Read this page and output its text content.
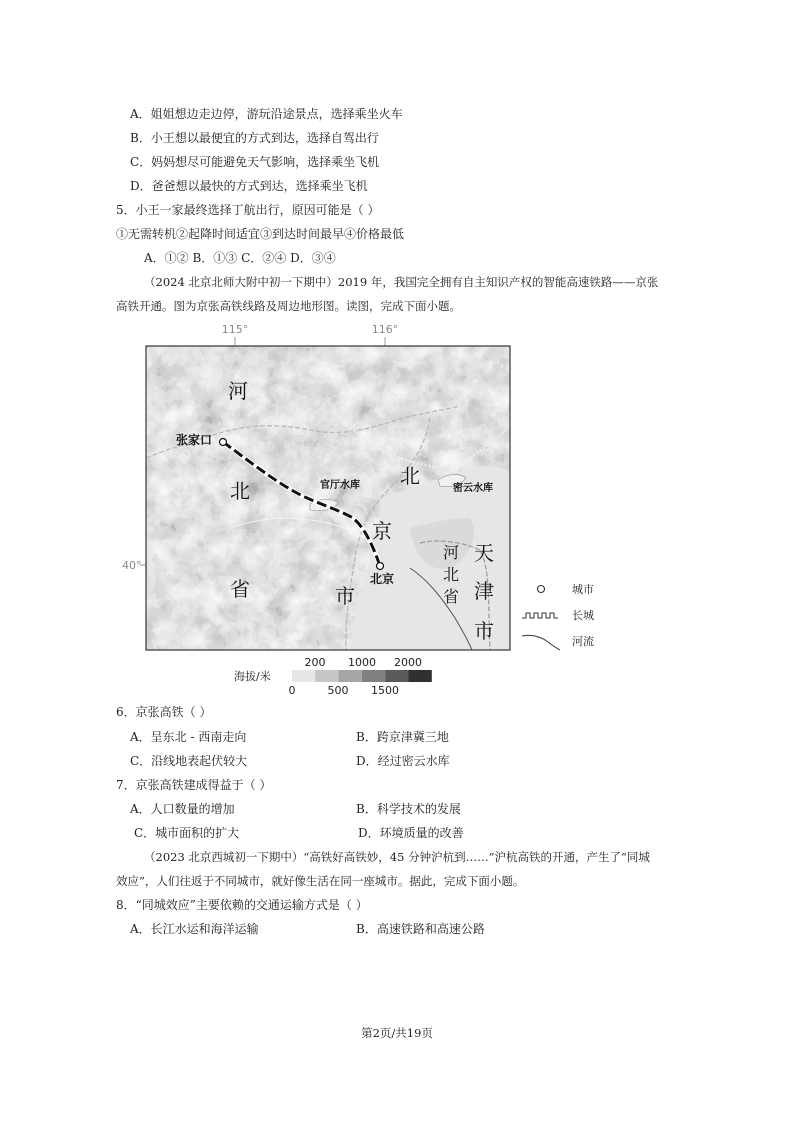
A．姐姐想边走边停，游玩沿途景点，选择乘坐火车
B．小王想以最便宜的方式到达，选择自驾出行
C．妈妈想尽可能避免天气影响，选择乘坐飞机
D．爸爸想以最快的方式到达，选择乘坐飞机
5．小王一家最终选择丁航出行，原因可能是（ ）
①无需转机②起降时间适宜③到达时间最早④价格最低
A．①② B．①③ C．②④ D．③④
（2024 北京北师大附中初一下期中）2019 年，我国完全拥有自主知识产权的智能高速铁路——京张
高铁开通。图为京张高铁线路及周边地形图。读图，完成下面小题。
115°	116°
40°
张家口
北京
官厅水库	密云水库
河
北
省
北
京
市
河
北
省
天
津
市
城市
长城
河流
海拔/米
200 1000 2000
0	500 1500
6．京张高铁（ ）
A．呈东北 - 西南走向	B．跨京津冀三地
C．沿线地表起伏较大	D．经过密云水库
7．京张高铁建成得益于（ ）
A．人口数量的增加	B．科学技术的发展
C．城市面积的扩大	D．环境质量的改善
（2023 北京西城初一下期中）“高铁好高铁妙，45 分钟沪杭到……”沪杭高铁的开通，产生了“同城
效应”，人们往返于不同城市，就好像生活在同一座城市。据此，完成下面小题。
8．“同城效应”主要依赖的交通运输方式是（ ）
A．长江水运和海洋运输	B．高速铁路和高速公路
第2页/共19页
